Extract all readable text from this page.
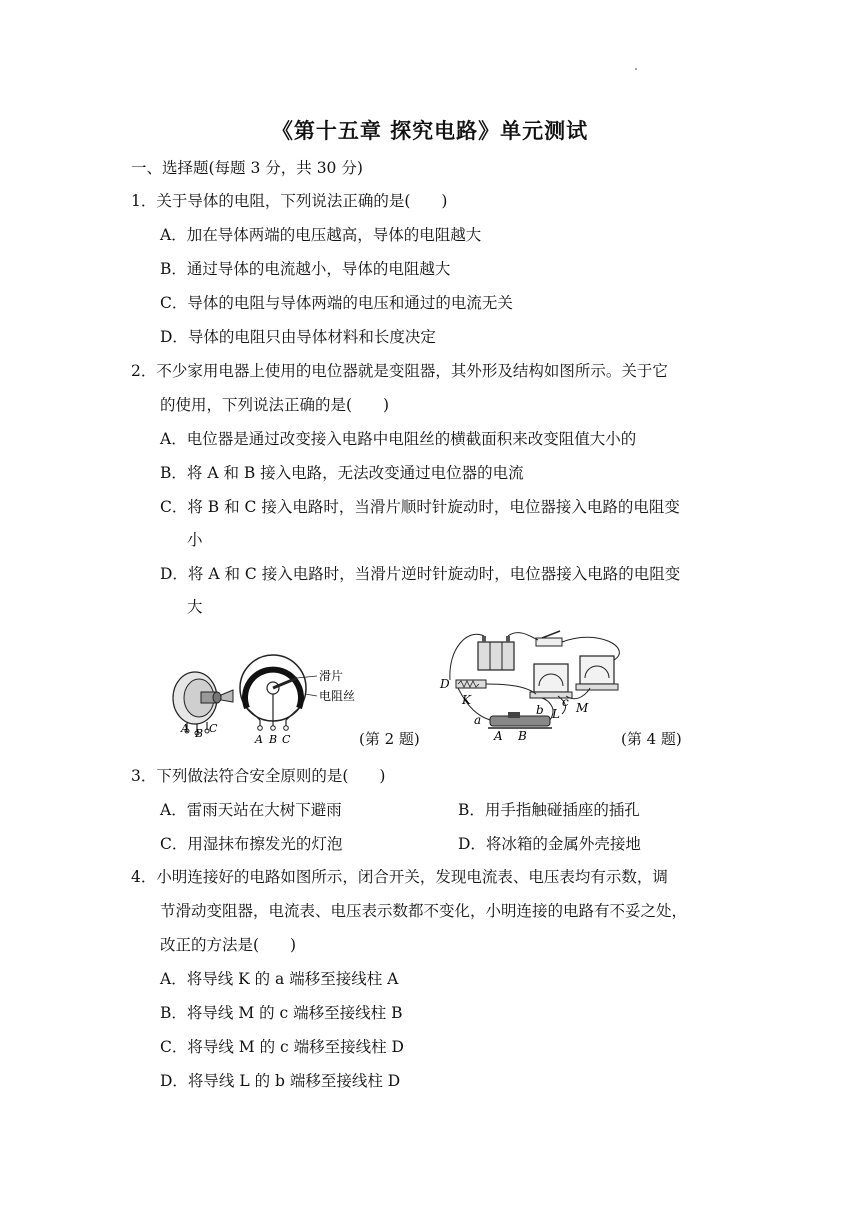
《第十五章 探究电路》单元测试
一、选择题(每题 3 分，共 30 分)
1．关于导体的电阻，下列说法正确的是(　　)
A．加在导体两端的电压越高，导体的电阻越大
B．通过导体的电流越小，导体的电阻越大
C．导体的电阻与导体两端的电压和通过的电流无关
D．导体的电阻只由导体材料和长度决定
2．不少家用电器上使用的电位器就是变阻器，其外形及结构如图所示。关于它
的使用，下列说法正确的是(　　)
A．电位器是通过改变接入电路中电阻丝的横截面积来改变阻值大小的
B．将 A 和 B 接入电路，无法改变通过电位器的电流
C．将 B 和 C 接入电路时，当滑片顺时针旋动时，电位器接入电路的电阻变
小
D．将 A 和 C 接入电路时，当滑片逆时针旋动时，电位器接入电路的电阻变
大
A B C
滑片
电阻丝
A B C	(第 2 题)
D
K
a
A B
b L
c M
(第 4 题)
3．下列做法符合安全原则的是(　　)
A．雷雨天站在大树下避雨	B．用手指触碰插座的插孔
C．用湿抹布擦发光的灯泡	D．将冰箱的金属外壳接地
4．小明连接好的电路如图所示，闭合开关，发现电流表、电压表均有示数，调
节滑动变阻器，电流表、电压表示数都不变化，小明连接的电路有不妥之处，
改正的方法是(　　)
A．将导线 K 的 a 端移至接线柱 A
B．将导线 M 的 c 端移至接线柱 B
C．将导线 M 的 c 端移至接线柱 D
D．将导线 L 的 b 端移至接线柱 D
